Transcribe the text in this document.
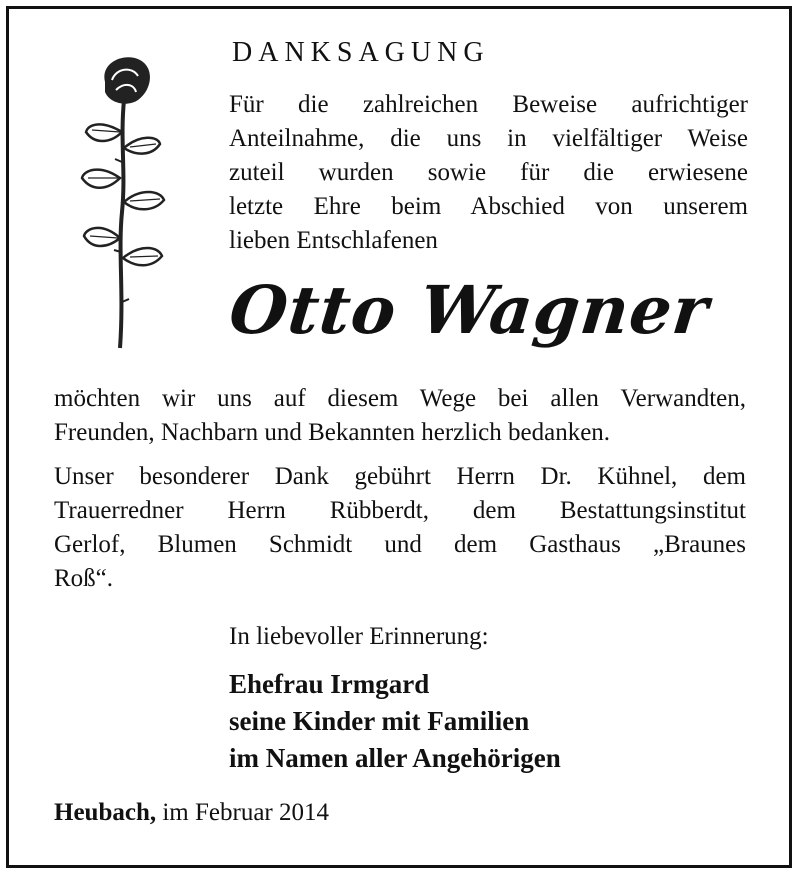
DANKSAGUNG
Für die zahlreichen Beweise aufrichtiger
Anteilnahme, die uns in vielfältiger Weise
zuteil wurden sowie für die erwiesene
letzte Ehre beim Abschied von unserem
lieben Entschlafenen
Otto Wagner
möchten wir uns auf diesem Wege bei allen Verwandten,
Freunden, Nachbarn und Bekannten herzlich bedanken.
Unser besonderer Dank gebührt Herrn Dr. Kühnel, dem
Trauerredner Herrn Rübberdt, dem Bestattungsinstitut
Gerlof, Blumen Schmidt und dem Gasthaus „Braunes
Roß“.
In liebevoller Erinnerung:
Ehefrau Irmgard
seine Kinder mit Familien
im Namen aller Angehörigen
Heubach, im Februar 2014
